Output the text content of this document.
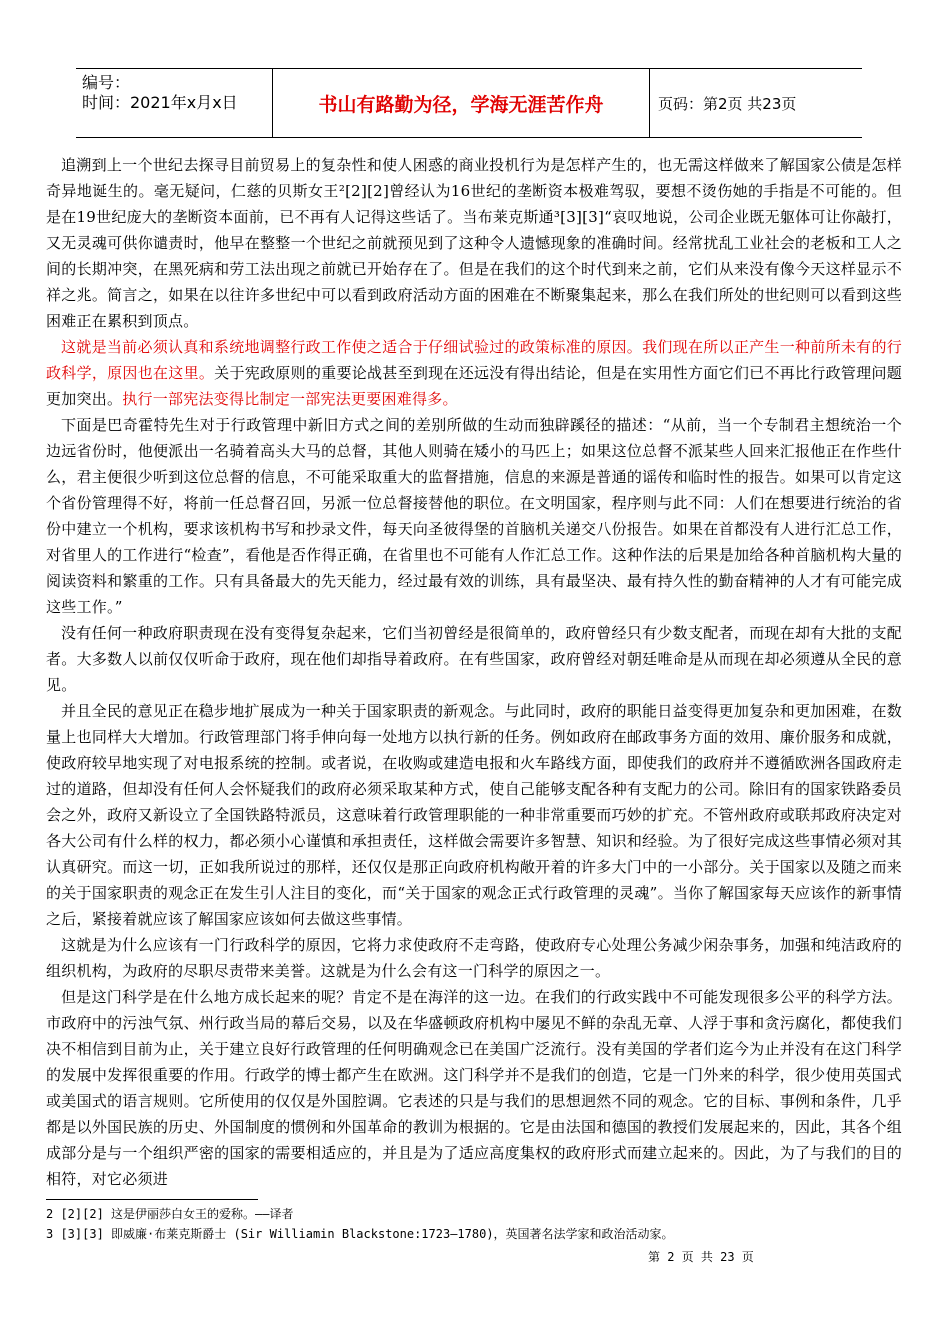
编号：
时间：2021年x月x日	书山有路勤为径，学海无涯苦作舟	页码：第2页 共23页

追溯到上一个世纪去探寻目前贸易上的复杂性和使人困惑的商业投机行为是怎样产生的，也无需这样做来了解国家公债是怎样奇异地诞生的。毫无疑问，仁慈的贝斯女王²[2][2]曾经认为16世纪的垄断资本极难驾驭，要想不烫伤她的手指是不可能的。但是在19世纪庞大的垄断资本面前，已不再有人记得这些话了。当布莱克斯通³[3][3]“哀叹地说，公司企业既无躯体可让你敲打，又无灵魂可供你谴责时，他早在整整一个世纪之前就预见到了这种令人遗憾现象的准确时间。经常扰乱工业社会的老板和工人之间的长期冲突，在黑死病和劳工法出现之前就已开始存在了。但是在我们的这个时代到来之前，它们从来没有像今天这样显示不祥之兆。简言之，如果在以往许多世纪中可以看到政府活动方面的困难在不断聚集起来，那么在我们所处的世纪则可以看到这些困难正在累积到顶点。

这就是当前必须认真和系统地调整行政工作使之适合于仔细试验过的政策标准的原因。我们现在所以正产生一种前所未有的行政科学，原因也在这里。关于宪政原则的重要论战甚至到现在还远没有得出结论，但是在实用性方面它们已不再比行政管理问题更加突出。执行一部宪法变得比制定一部宪法更要困难得多。

下面是巴奇霍特先生对于行政管理中新旧方式之间的差别所做的生动而独辟蹊径的描述：“从前，当一个专制君主想统治一个边远省份时，他便派出一名骑着高头大马的总督，其他人则骑在矮小的马匹上；如果这位总督不派某些人回来汇报他正在作些什么，君主便很少听到这位总督的信息，不可能采取重大的监督措施，信息的来源是普通的谣传和临时性的报告。如果可以肯定这个省份管理得不好，将前一任总督召回，另派一位总督接替他的职位。在文明国家，程序则与此不同：人们在想要进行统治的省份中建立一个机构，要求该机构书写和抄录文件，每天向圣彼得堡的首脑机关递交八份报告。如果在首都没有人进行汇总工作，对省里人的工作进行“检查”，看他是否作得正确，在省里也不可能有人作汇总工作。这种作法的后果是加给各种首脑机构大量的阅读资料和繁重的工作。只有具备最大的先天能力，经过最有效的训练，具有最坚决、最有持久性的勤奋精神的人才有可能完成这些工作。”

没有任何一种政府职责现在没有变得复杂起来，它们当初曾经是很简单的，政府曾经只有少数支配者，而现在却有大批的支配者。大多数人以前仅仅听命于政府，现在他们却指导着政府。在有些国家，政府曾经对朝廷唯命是从而现在却必须遵从全民的意见。

并且全民的意见正在稳步地扩展成为一种关于国家职责的新观念。与此同时，政府的职能日益变得更加复杂和更加困难，在数量上也同样大大增加。行政管理部门将手伸向每一处地方以执行新的任务。例如政府在邮政事务方面的效用、廉价服务和成就，使政府较早地实现了对电报系统的控制。或者说，在收购或建造电报和火车路线方面，即使我们的政府并不遵循欧洲各国政府走过的道路，但却没有任何人会怀疑我们的政府必须采取某种方式，使自己能够支配各种有支配力的公司。除旧有的国家铁路委员会之外，政府又新设立了全国铁路特派员，这意味着行政管理职能的一种非常重要而巧妙的扩充。不管州政府或联邦政府决定对各大公司有什么样的权力，都必须小心谨慎和承担责任，这样做会需要许多智慧、知识和经验。为了很好完成这些事情必须对其认真研究。而这一切，正如我所说过的那样，还仅仅是那正向政府机构敞开着的许多大门中的一小部分。关于国家以及随之而来的关于国家职责的观念正在发生引人注目的变化，而“关于国家的观念正式行政管理的灵魂”。当你了解国家每天应该作的新事情之后，紧接着就应该了解国家应该如何去做这些事情。

这就是为什么应该有一门行政科学的原因，它将力求使政府不走弯路，使政府专心处理公务减少闲杂事务，加强和纯洁政府的组织机构，为政府的尽职尽责带来美誉。这就是为什么会有这一门科学的原因之一。

但是这门科学是在什么地方成长起来的呢？肯定不是在海洋的这一边。在我们的行政实践中不可能发现很多公平的科学方法。市政府中的污浊气氛、州行政当局的幕后交易，以及在华盛顿政府机构中屡见不鲜的杂乱无章、人浮于事和贪污腐化，都使我们决不相信到目前为止，关于建立良好行政管理的任何明确观念已在美国广泛流行。没有美国的学者们迄今为止并没有在这门科学的发展中发挥很重要的作用。行政学的博士都产生在欧洲。这门科学并不是我们的创造，它是一门外来的科学，很少使用英国式或美国式的语言规则。它所使用的仅仅是外国腔调。它表述的只是与我们的思想迥然不同的观念。它的目标、事例和条件，几乎都是以外国民族的历史、外国制度的惯例和外国革命的教训为根据的。它是由法国和德国的教授们发展起来的，因此，其各个组成部分是与一个组织严密的国家的需要相适应的，并且是为了适应高度集权的政府形式而建立起来的。因此，为了与我们的目的相符，对它必须进

2 [2][2] 这是伊丽莎白女王的爱称。——译者
3 [3][3] 即威廉·布莱克斯爵士 (Sir Williamin Blackstone:1723—1780)，英国著名法学家和政治活动家。
第 2 页 共 23 页
